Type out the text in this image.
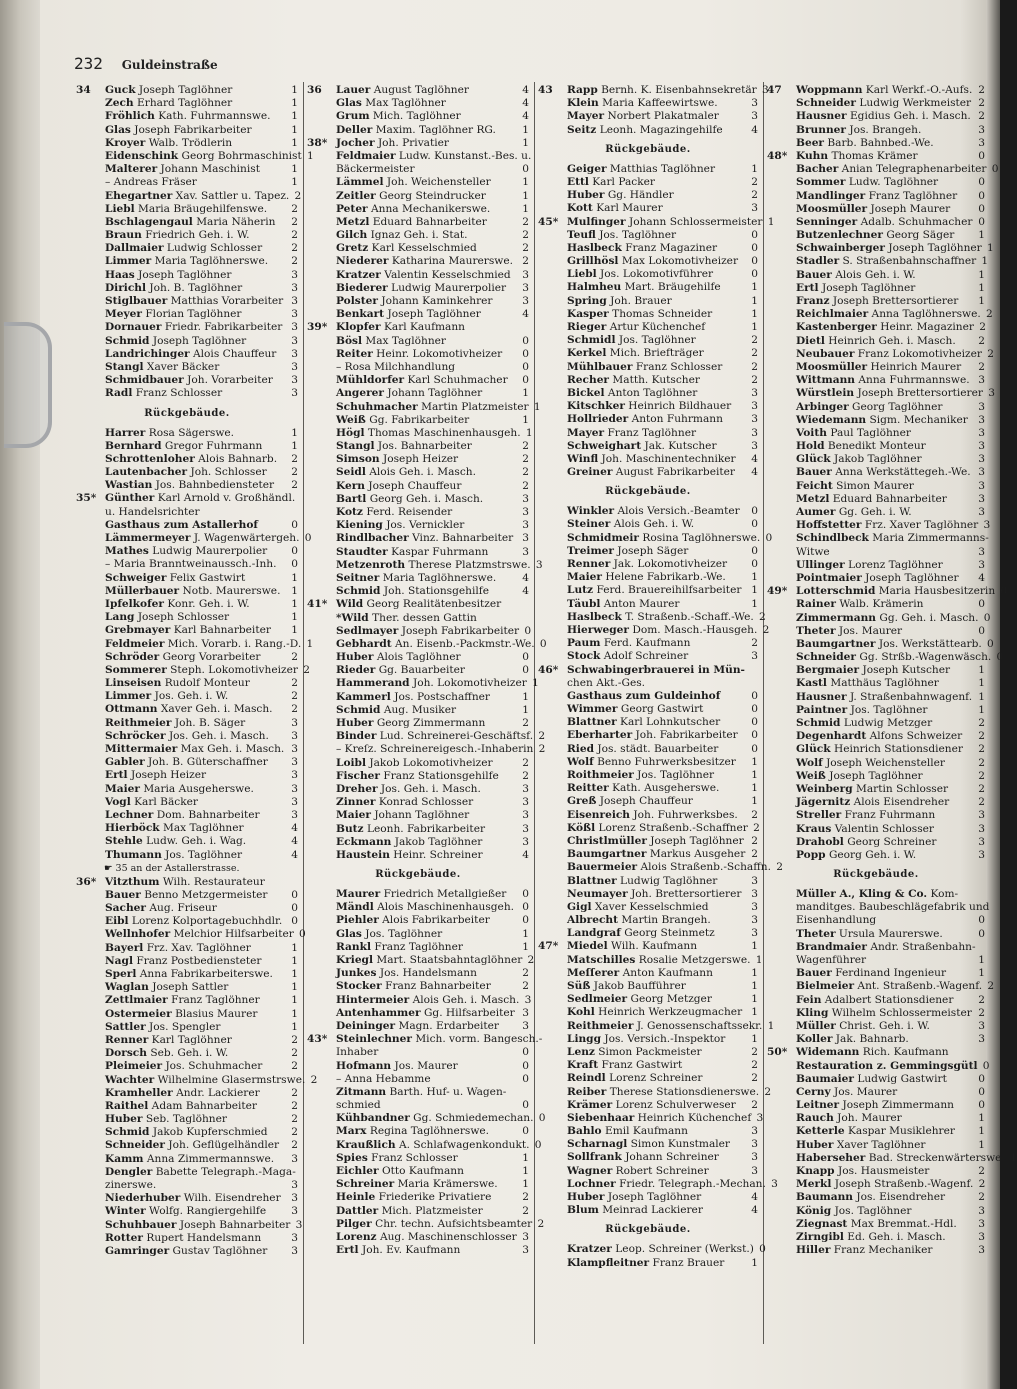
232 Guldeinstraße
34	Guck Joseph Taglöhner	1
Zech Erhard Taglöhner	1
Fröhlich Kath. Fuhrmannswe.	1
Glas Joseph Fabrikarbeiter	1
Kroyer Walb. Trödlerin	1
Eidenschink Georg Bohrmaschinist 1
Malterer Johann Maschinist	1
– Andreas Fräser	1
Ehegartner Xav. Sattler u. Tapez. 2
Liebl Maria Bräugehilfenswe.	2
Bschlagengaul Maria Näherin	2
Braun Friedrich Geh. i. W.	2
Dallmaier Ludwig Schlosser	2
Limmer Maria Taglöhnerswe.	2
Haas Joseph Taglöhner	3
Dirichl Joh. B. Taglöhner	3
Stiglbauer Matthias Vorarbeiter 3
Meyer Florian Taglöhner	3
Dornauer Friedr. Fabrikarbeiter 3
Schmid Joseph Taglöhner	3
Landrichinger Alois Chauffeur	3
Stangl Xaver Bäcker	3
Schmidbauer Joh. Vorarbeiter	3
Radl Franz Schlosser	3
Rückgebäude.
Harrer Rosa Sägerswe.	1
Bernhard Gregor Fuhrmann	1
Schrottenloher Alois Bahnarb.	2
Lautenbacher Joh. Schlosser	2
Wastian Jos. Bahnbediensteter	2
35* Günther Karl Arnold v. Großhändl.
u. Handelsrichter
Gasthaus zum Astallerhof	0
Lämmermeyer J. Wagenwärtergeh. 0
Mathes Ludwig Maurerpolier	0
– Maria Branntweinaussch.-Inh.	0
Schweiger Felix Gastwirt	1
Müllerbauer Notb. Maurerswe.	1
Ipfelkofer Konr. Geh. i. W.	1
Lang Joseph Schlosser	1
Grebmayer Karl Bahnarbeiter	1
Feldmeier Mich. Vorarb. i. Rang.-D. 1
Schröder Georg Vorarbeiter	2
Sommerer Steph. Lokomotivheizer 2
Linseisen Rudolf Monteur	2
Limmer Jos. Geh. i. W.	2
Ottmann Xaver Geh. i. Masch.	2
Reithmeier Joh. B. Säger	3
Schröcker Jos. Geh. i. Masch.	3
Mittermaier Max Geh. i. Masch. 3
Gabler Joh. B. Güterschaffner	3
Ertl Joseph Heizer	3
Maier Maria Ausgeherswe.	3
Vogl Karl Bäcker	3
Lechner Dom. Bahnarbeiter	3
Hierböck Max Taglöhner	4
Stehle Ludw. Geh. i. Wag.	4
Thumann Jos. Taglöhner	4
☛ 35 an der Astallerstrasse.
36* Vitzthum Wilh. Restaurateur
Bauer Benno Metzgermeister	0
Sacher Aug. Friseur	0
Eibl Lorenz Kolportagebuchhdlr. 0
Wellnhofer Melchior Hilfsarbeiter 0
Bayerl Frz. Xav. Taglöhner	1
Nagl Franz Postbediensteter	1
Sperl Anna Fabrikarbeiterswe.	1
Waglan Joseph Sattler	1
Zettlmaier Franz Taglöhner	1
Ostermeier Blasius Maurer	1
Sattler Jos. Spengler	1
Renner Karl Taglöhner	2
Dorsch Seb. Geh. i. W.	2
Pleimeier Jos. Schuhmacher	2
Wachter Wilhelmine Glasermstrswe. 2
Kramheller Andr. Lackierer	2
Raithel Adam Bahnarbeiter	2
Huber Seb. Taglöhner	2
Schmid Jakob Kupferschmied	2
Schneider Joh. Geflügelhändler	2
Kamm Anna Zimmermannswe.	3
Dengler Babette Telegraph.-Maga-
zinerswe.	3
Niederhuber Wilh. Eisendreher 3
Winter Wolfg. Rangiergehilfe	3
Schuhbauer Joseph Bahnarbeiter 3
Rotter Rupert Handelsmann	3
Gamringer Gustav Taglöhner	3
36	Lauer August Taglöhner	4
Glas Max Taglöhner	4
Grum Mich. Taglöhner	4
Deller Maxim. Taglöhner RG.	1
38* Jocher Joh. Privatier	1
Feldmaier Ludw. Kunstanst.-Bes. u.
Bäckermeister	0
Lämmel Joh. Weichensteller	1
Zeitler Georg Steindrucker	1
Peter Anna Mechanikerswe.	1
Metzl Eduard Bahnarbeiter	2
Gilch Ignaz Geh. i. Stat.	2
Gretz Karl Kesselschmied	2
Niederer Katharina Maurerswe. 2
Kratzer Valentin Kesselschmied	3
Biederer Ludwig Maurerpolier	3
Polster Johann Kaminkehrer	3
Benkart Joseph Taglöhner	4
39* Klopfer Karl Kaufmann
Bösl Max Taglöhner	0
Reiter Heinr. Lokomotivheizer	0
– Rosa Milchhandlung	0
Mühldorfer Karl Schuhmacher	0
Angerer Johann Taglöhner	1
Schuhmacher Martin Platzmeister 1
Weiß Gg. Fabrikarbeiter	1
Högl Thomas Maschinenhausgeh. 1
Stangl Jos. Bahnarbeiter	2
Simson Joseph Heizer	2
Seidl Alois Geh. i. Masch.	2
Kern Joseph Chauffeur	2
Bartl Georg Geh. i. Masch.	3
Kotz Ferd. Reisender	3
Kiening Jos. Vernickler	3
Rindlbacher Vinz. Bahnarbeiter 3
Staudter Kaspar Fuhrmann	3
Metzenroth Therese Platzmstrswe. 3
Seitner Maria Taglöhnerswe.	4
Schmid Joh. Stationsgehilfe	4
41* Wild Georg Realitätenbesitzer
*Wild Ther. dessen Gattin
Sedlmayer Joseph Fabrikarbeiter 0
Gebhardt An. Eisenb.-Packmstr.-We. 0
Huber Alois Taglöhner	0
Rieder Gg. Bauarbeiter	0
Hammerand Joh. Lokomotivheizer 1
Kammerl Jos. Postschaffner	1
Schmid Aug. Musiker	1
Huber Georg Zimmermann	2
Binder Lud. Schreinerei-Geschäftsf. 2
– Kreſz. Schreinereigesch.-Inhaberin 2
Loibl Jakob Lokomotivheizer	2
Fischer Franz Stationsgehilfe	2
Dreher Jos. Geh. i. Masch.	3
Zinner Konrad Schlosser	3
Maier Johann Taglöhner	3
Butz Leonh. Fabrikarbeiter	3
Eckmann Jakob Taglöhner	3
Haustein Heinr. Schreiner	4
Rückgebäude.
Maurer Friedrich Metallgießer	0
Mändl Alois Maschinenhausgeh. 0
Piehler Alois Fabrikarbeiter	0
Glas Jos. Taglöhner	1
Rankl Franz Taglöhner	1
Kriegl Mart. Staatsbahntaglöhner 2
Junkes Jos. Handelsmann	2
Stocker Franz Bahnarbeiter	2
Hintermeier Alois Geh. i. Masch. 3
Antenhammer Gg. Hilfsarbeiter 3
Deininger Magn. Erdarbeiter	3
43* Steinlechner Mich. vorm. Bangesch.-
Inhaber	0
Hofmann Jos. Maurer	0
– Anna Hebamme	0
Zitmann Barth. Huf- u. Wagen-
schmied	0
Kühbandner Gg. Schmiedemechan. 0
Marx Regina Taglöhnerswe.	0
Kraußlich A. Schlafwagenkondukt. 0
Spies Franz Schlosser	1
Eichler Otto Kaufmann	1
Schreiner Maria Krämerswe.	1
Heinle Friederike Privatiere	2
Dattler Mich. Platzmeister	2
Pilger Chr. techn. Aufsichtsbeamter 2
Lorenz Aug. Maschinenschlosser 3
Ertl Joh. Ev. Kaufmann	3
43	Rapp Bernh. K. Eisenbahnsekretär 3
Klein Maria Kaffeewirtswe.	3
Mayer Norbert Plakatmaler	3
Seitz Leonh. Magazingehilfe	4
Rückgebäude.
Geiger Matthias Taglöhner	1
Ettl Karl Packer	2
Huber Gg. Händler	2
Kott Karl Maurer	3
45* Mulfinger Johann Schlossermeister 1
Teufl Jos. Taglöhner	0
Haslbeck Franz Magaziner	0
Grillhösl Max Lokomotivheizer	0
Liebl Jos. Lokomotivführer	0
Halmheu Mart. Bräugehilfe	1
Spring Joh. Brauer	1
Kasper Thomas Schneider	1
Rieger Artur Küchenchef	1
Schmidl Jos. Taglöhner	2
Kerkel Mich. Briefträger	2
Mühlbauer Franz Schlosser	2
Recher Matth. Kutscher	2
Bickel Anton Taglöhner	3
Kitschker Heinrich Bildhauer	3
Hollrieder Anton Fuhrmann	3
Mayer Franz Taglöhner	3
Schweighart Jak. Kutscher	3
Winfl Joh. Maschinentechniker	4
Greiner August Fabrikarbeiter	4
Rückgebäude.
Winkler Alois Versich.-Beamter	0
Steiner Alois Geh. i. W.	0
Schmidmeir Rosina Taglöhnerswe. 0
Treimer Joseph Säger	0
Renner Jak. Lokomotivheizer	0
Maier Helene Fabrikarb.-We.	1
Lutz Ferd. Brauereihilfsarbeiter 1
Täubl Anton Maurer	1
Haslbeck T. Straßenb.-Schaff.-We. 2
Hierweger Dom. Masch.-Hausgeh. 2
Paum Ferd. Kaufmann	2
Stock Adolf Schreiner	3
46* Schwabingerbrauerei in Mün-
chen Akt.-Ges.
Gasthaus zum Guldeinhof	0
Wimmer Georg Gastwirt	0
Blattner Karl Lohnkutscher	0
Eberharter Joh. Fabrikarbeiter	0
Ried Jos. städt. Bauarbeiter	0
Wolf Benno Fuhrwerksbesitzer	1
Roithmeier Jos. Taglöhner	1
Reitter Kath. Ausgeherswe.	1
Greß Joseph Chauffeur	1
Eisenreich Joh. Fuhrwerksbes.	2
Kößl Lorenz Straßenb.-Schaffner 2
Christlmüller Joseph Taglöhner 2
Baumgartner Markus Ausgeher 2
Bauermeier Alois Straßenb.-Schaffn. 2
Blattner Ludwig Taglöhner	3
Neumayer Joh. Brettersortierer 3
Gigl Xaver Kesselschmied	3
Albrecht Martin Brangeh.	3
Landgraf Georg Steinmetz	3
47* Miedel Wilh. Kaufmann	1
Matschilles Rosalie Metzgerswe. 1
Meſſerer Anton Kaufmann	1
Süß Jakob Baufführer	1
Sedlmeier Georg Metzger	1
Kohl Heinrich Werkzeugmacher 1
Reithmeier J. Genossenschaftssekr. 1
Lingg Jos. Versich.-Inspektor	1
Lenz Simon Packmeister	2
Kraft Franz Gastwirt	2
Reindl Lorenz Schreiner	2
Reiber Therese Stationsdienerswe. 2
Krämer Lorenz Schulverweser	2
Siebenhaar Heinrich Küchenchef 3
Bahlo Emil Kaufmann	3
Scharnagl Simon Kunstmaler	3
Sollfrank Johann Schreiner	3
Wagner Robert Schreiner	3
Lochner Friedr. Telegraph.-Mechan. 3
Huber Joseph Taglöhner	4
Blum Meinrad Lackierer	4
Rückgebäude.
Kratzer Leop. Schreiner (Werkst.) 0
Klampfleitner Franz Brauer	1
47	Woppmann Karl Werkf.-O.-Aufs. 2
Schneider Ludwig Werkmeister 2
Hausner Egidius Geh. i. Masch. 2
Brunner Jos. Brangeh.	3
Beer Barb. Bahnbed.-We.	3
48* Kuhn Thomas Krämer	0
Bacher Anian Telegraphenarbeiter 0
Sommer Ludw. Taglöhner	0
Mandlinger Franz Taglöhner	0
Moosmüller Joseph Maurer	0
Senninger Adalb. Schuhmacher 0
Butzenlechner Georg Säger	1
Schwainberger Joseph Taglöhner 1
Stadler S. Straßenbahnschaffner 1
Bauer Alois Geh. i. W.	1
Ertl Joseph Taglöhner	1
Franz Joseph Brettersortierer	1
Reichlmaier Anna Taglöhnerswe. 2
Kastenberger Heinr. Magaziner 2
Dietl Heinrich Geh. i. Masch.	2
Neubauer Franz Lokomotivheizer 2
Moosmüller Heinrich Maurer	2
Wittmann Anna Fuhrmannswe. 3
Würstlein Joseph Brettersortierer 3
Arbinger Georg Taglöhner	3
Wiedemann Sigm. Mechaniker 3
Voith Paul Taglöhner	3
Hold Benedikt Monteur	3
Glück Jakob Taglöhner	3
Bauer Anna Werkstättegeh.-We. 3
Feicht Simon Maurer	3
Metzl Eduard Bahnarbeiter	3
Aumer Gg. Geh. i. W.	3
Hoffstetter Frz. Xaver Taglöhner 3
Schindlbeck Maria Zimmermanns-
Witwe	3
Ullinger Lorenz Taglöhner	3
Pointmaier Joseph Taglöhner	4
49* Lotterschmid Maria Hausbesitzerin 0
Rainer Walb. Krämerin	0
Zimmermann Gg. Geh. i. Masch. 0
Theter Jos. Maurer	0
Baumgartner Jos. Werkstättearb. 0
Schneider Gg. Strßb.-Wagenwäsch. 0
Bergmaier Joseph Kutscher	1
Kastl Matthäus Taglöhner	1
Hausner J. Straßenbahnwagenf. 1
Paintner Jos. Taglöhner	1
Schmid Ludwig Metzger	2
Degenhardt Alfons Schweizer	2
Glück Heinrich Stationsdiener	2
Wolf Joseph Weichensteller	2
Weiß Joseph Taglöhner	2
Weinberg Martin Schlosser	2
Jägernitz Alois Eisendreher	2
Streller Franz Fuhrmann	3
Kraus Valentin Schlosser	3
Drahobl Georg Schreiner	3
Popp Georg Geh. i. W.	3
Rückgebäude.
Müller A., Kling & Co. Kom-
manditges. Baubeschlägefabrik und
Eisenhandlung	0
Theter Ursula Maurerswe.	0
Brandmaier Andr. Straßenbahn-
Wagenführer	1
Bauer Ferdinand Ingenieur	1
Bielmeier Ant. Straßenb.-Wagenf. 2
Fein Adalbert Stationsdiener	2
Kling Wilhelm Schlossermeister 2
Müller Christ. Geh. i. W.	3
Koller Jak. Bahnarb.	3
50* Widemann Rich. Kaufmann
Restauration z. Gemmingsgütl 0
Baumaier Ludwig Gastwirt	0
Cerny Jos. Maurer	0
Leitner Joseph Zimmermann	0
Rauch Joh. Maurer	1
Ketterle Kaspar Musiklehrer	1
Huber Xaver Taglöhner	1
Haberseher Bad. Streckenwärterswe. 1
Knapp Jos. Hausmeister	2
Merkl Joseph Straßenb.-Wagenf. 2
Baumann Jos. Eisendreher	2
König Jos. Taglöhner	3
Ziegnast Max Bremmat.-Hdl.	3
Zirngibl Ed. Geh. i. Masch.	3
Hiller Franz Mechaniker	3
